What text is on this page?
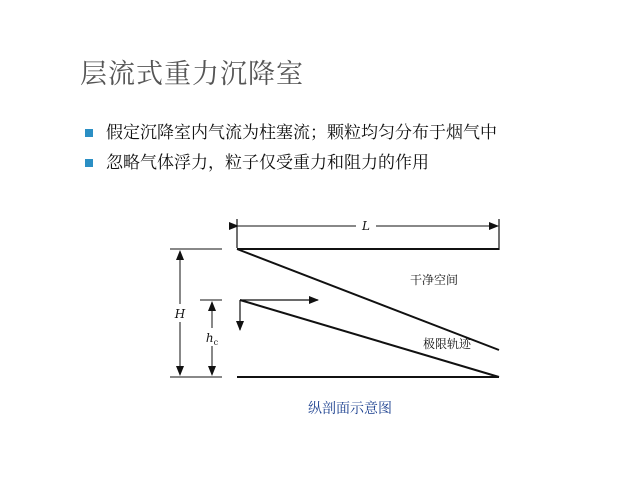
层流式重力沉降室
假定沉降室内气流为柱塞流；颗粒均匀分布于烟气中
忽略气体浮力，粒子仅受重力和阻力的作用
L
H
$h_c$
干净空间
极限轨迹
纵剖面示意图
